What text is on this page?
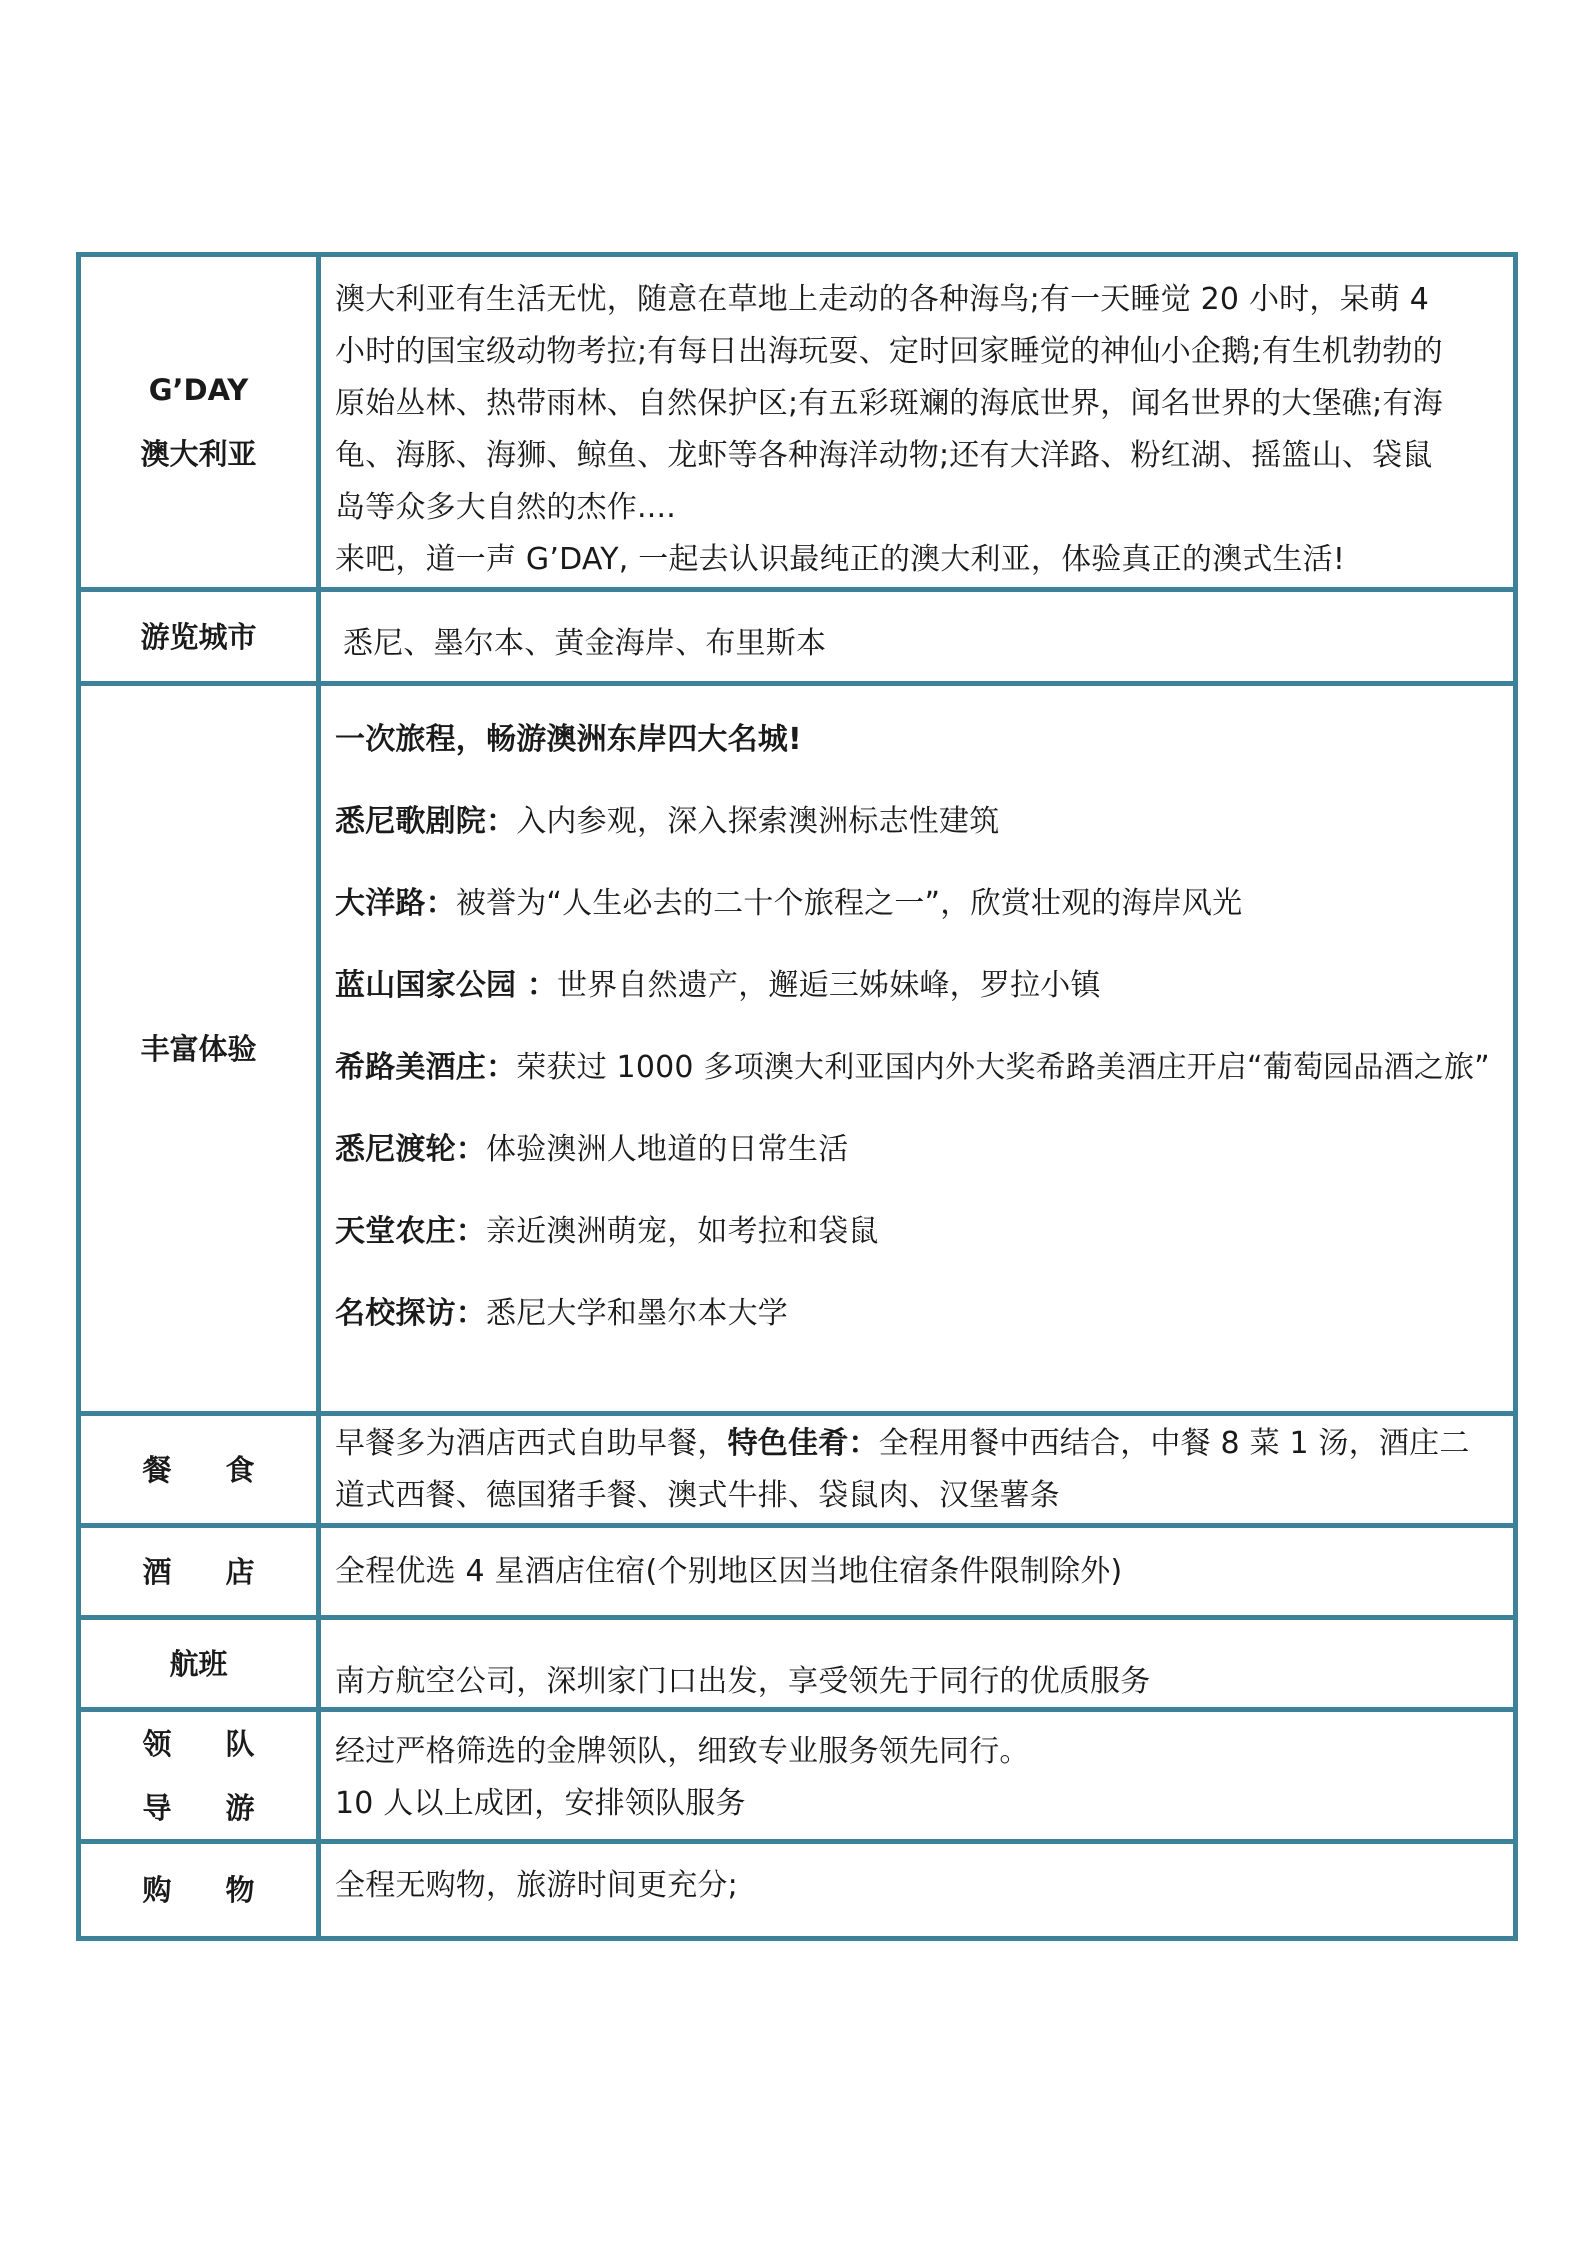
G’DAY
澳大利亚

澳大利亚有生活无忧，随意在草地上走动的各种海鸟;有一天睡觉 20 小时，呆萌 4

小时的国宝级动物考拉;有每日出海玩耍、定时回家睡觉的神仙小企鹅;有生机勃勃的

原始丛林、热带雨林、自然保护区;有五彩斑斓的海底世界，闻名世界的大堡礁;有海

龟、海豚、海狮、鲸鱼、龙虾等各种海洋动物;还有大洋路、粉红湖、摇篮山、袋鼠

岛等众多大自然的杰作....

来吧，道一声 G’DAY, 一起去认识最纯正的澳大利亚，体验真正的澳式生活!

游览城市	悉尼、墨尔本、黄金海岸、布里斯本

丰富体验

一次旅程，畅游澳洲东岸四大名城!

悉尼歌剧院：入内参观，深入探索澳洲标志性建筑

大洋路：被誉为“人生必去的二十个旅程之一”，欣赏壮观的海岸风光

蓝山国家公园 ：世界自然遗产，邂逅三姊妹峰，罗拉小镇

希路美酒庄：荣获过 1000 多项澳大利亚国内外大奖希路美酒庄开启“葡萄园品酒之旅”

悉尼渡轮：体验澳洲人地道的日常生活

天堂农庄：亲近澳洲萌宠，如考拉和袋鼠

名校探访：悉尼大学和墨尔本大学

餐 食

早餐多为酒店西式自助早餐，特色佳肴：全程用餐中西结合，中餐 8 菜 1 汤，酒庄二道式西餐、德国猪手餐、澳式牛排、袋鼠肉、汉堡薯条

酒 店 全程优选 4 星酒店住宿(个别地区因当地住宿条件限制除外)

航班

南方航空公司，深圳家门口出发，享受领先于同行的优质服务

领 队
导 游

经过严格筛选的金牌领队，细致专业服务领先同行。

10 人以上成团，安排领队服务

购 物 全程无购物，旅游时间更充分;
